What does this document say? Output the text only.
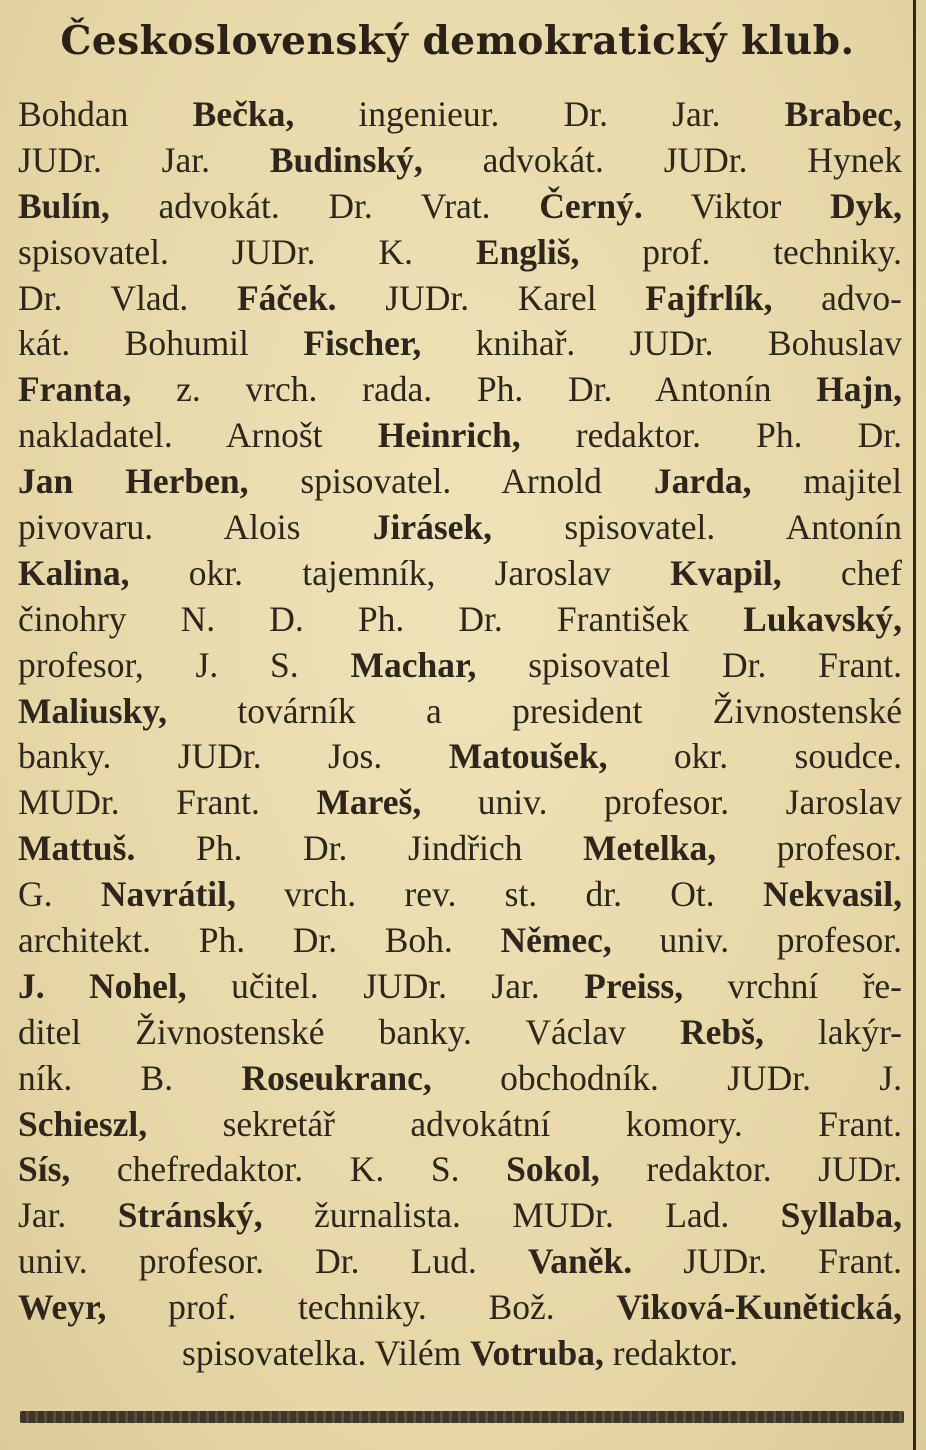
Československý demokratický klub.
Bohdan Bečka, ingenieur. Dr. Jar. Brabec,
JUDr. Jar. Budinský, advokát. JUDr. Hynek
Bulín, advokát. Dr. Vrat. Černý. Viktor Dyk,
spisovatel. JUDr. K. Engliš, prof. techniky.
Dr. Vlad. Fáček. JUDr. Karel Fajfrlík, advo-
kát. Bohumil Fischer, knihař. JUDr. Bohuslav
Franta, z. vrch. rada. Ph. Dr. Antonín Hajn,
nakladatel. Arnošt Heinrich, redaktor. Ph. Dr.
Jan Herben, spisovatel. Arnold Jarda, majitel
pivovaru. Alois Jirásek, spisovatel. Antonín
Kalina, okr. tajemník, Jaroslav Kvapil, chef
činohry N. D. Ph. Dr. František Lukavský,
profesor, J. S. Machar, spisovatel Dr. Frant.
Maliusky, továrník a president Živnostenské
banky. JUDr. Jos. Matoušek, okr. soudce.
MUDr. Frant. Mareš, univ. profesor. Jaroslav
Mattuš. Ph. Dr. Jindřich Metelka, profesor.
G. Navrátil, vrch. rev. st. dr. Ot. Nekvasil,
architekt. Ph. Dr. Boh. Němec, univ. profesor.
J. Nohel, učitel. JUDr. Jar. Preiss, vrchní ře-
ditel Živnostenské banky. Václav Rebš, lakýr-
ník. B. Roseukranc, obchodník. JUDr. J.
Schieszl, sekretář advokátní komory. Frant.
Sís, chefredaktor. K. S. Sokol, redaktor. JUDr.
Jar. Stránský, žurnalista. MUDr. Lad. Syllaba,
univ. profesor. Dr. Lud. Vaněk. JUDr. Frant.
Weyr, prof. techniky. Bož. Viková-Kunětická,
spisovatelka. Vilém Votruba, redaktor.
